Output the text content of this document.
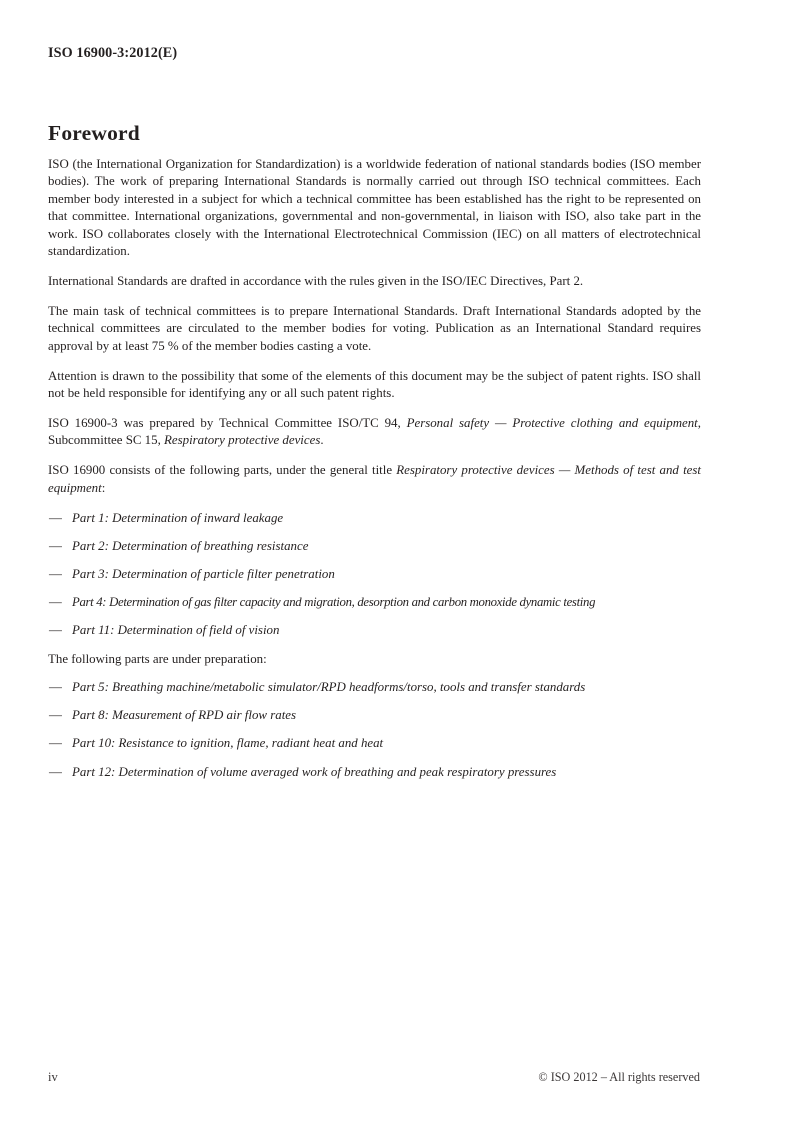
ISO 16900-3:2012(E)
Foreword

ISO (the International Organization for Standardization) is a worldwide federation of national standards bodies (ISO member bodies). The work of preparing International Standards is normally carried out through ISO technical committees. Each member body interested in a subject for which a technical committee has been established has the right to be represented on that committee. International organizations, governmental and non-governmental, in liaison with ISO, also take part in the work. ISO collaborates closely with the International Electrotechnical Commission (IEC) on all matters of electrotechnical standardization.

International Standards are drafted in accordance with the rules given in the ISO/IEC Directives, Part 2.

The main task of technical committees is to prepare International Standards. Draft International Standards adopted by the technical committees are circulated to the member bodies for voting. Publication as an International Standard requires approval by at least 75 % of the member bodies casting a vote.

Attention is drawn to the possibility that some of the elements of this document may be the subject of patent rights. ISO shall not be held responsible for identifying any or all such patent rights.

ISO 16900-3 was prepared by Technical Committee ISO/TC 94, Personal safety — Protective clothing and equipment, Subcommittee SC 15, Respiratory protective devices.

ISO 16900 consists of the following parts, under the general title Respiratory protective devices — Methods of test and test equipment:

— Part 1: Determination of inward leakage
— Part 2: Determination of breathing resistance
— Part 3: Determination of particle filter penetration
— Part 4: Determination of gas filter capacity and migration, desorption and carbon monoxide dynamic testing
— Part 11: Determination of field of vision

The following parts are under preparation:

— Part 5: Breathing machine/metabolic simulator/RPD headforms/torso, tools and transfer standards
— Part 8: Measurement of RPD air flow rates
— Part 10: Resistance to ignition, flame, radiant heat and heat
— Part 12: Determination of volume averaged work of breathing and peak respiratory pressures
iv	© ISO 2012 – All rights reserved
